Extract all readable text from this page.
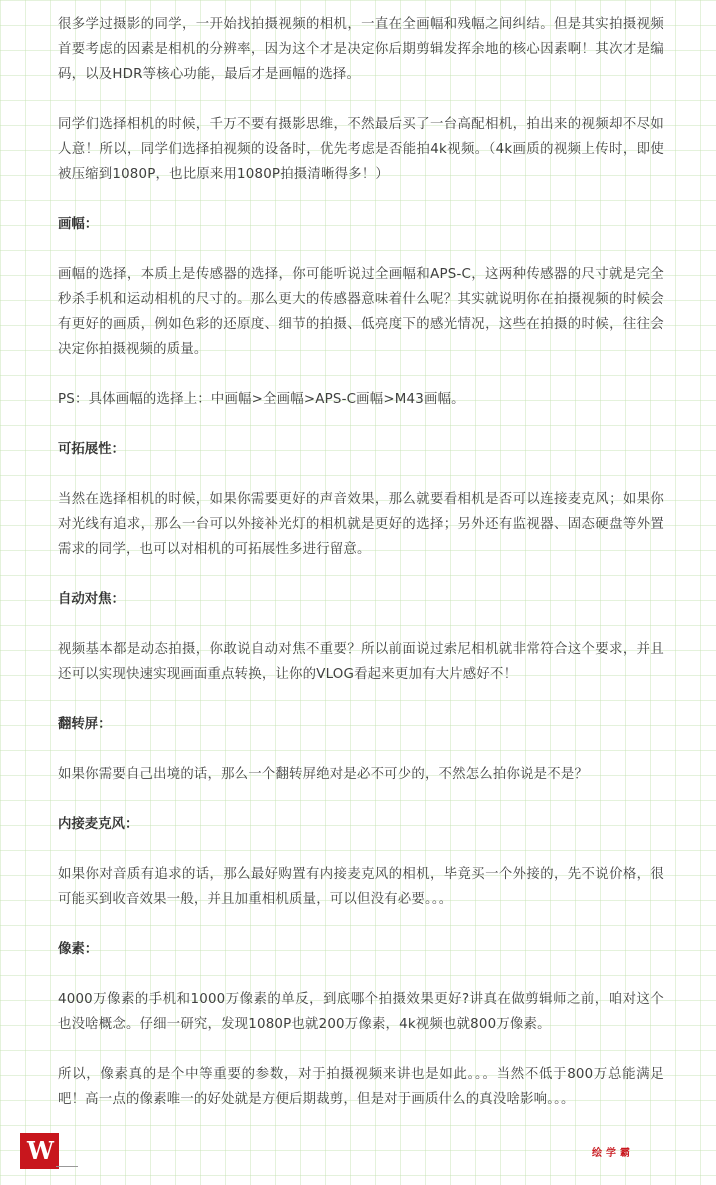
很多学过摄影的同学，一开始找拍摄视频的相机，一直在全画幅和残幅之间纠结。但是其实拍摄视频首要考虑的因素是相机的分辨率，因为这个才是决定你后期剪辑发挥余地的核心因素啊！其次才是编码，以及HDR等核心功能，最后才是画幅的选择。

同学们选择相机的时候，千万不要有摄影思维，不然最后买了一台高配相机，拍出来的视频却不尽如人意！所以，同学们选择拍视频的设备时，优先考虑是否能拍4k视频。（4k画质的视频上传时，即使被压缩到1080P，也比原来用1080P拍摄清晰得多！）

画幅：

画幅的选择，本质上是传感器的选择，你可能听说过全画幅和APS-C，这两种传感器的尺寸就是完全秒杀手机和运动相机的尺寸的。那么更大的传感器意味着什么呢？其实就说明你在拍摄视频的时候会有更好的画质，例如色彩的还原度、细节的拍摄、低亮度下的感光情况，这些在拍摄的时候，往往会决定你拍摄视频的质量。

PS：具体画幅的选择上：中画幅>全画幅>APS-C画幅>M43画幅。

可拓展性：

当然在选择相机的时候，如果你需要更好的声音效果，那么就要看相机是否可以连接麦克风；如果你对光线有追求，那么一台可以外接补光灯的相机就是更好的选择；另外还有监视器、固态硬盘等外置需求的同学，也可以对相机的可拓展性多进行留意。

自动对焦：

视频基本都是动态拍摄，你敢说自动对焦不重要？所以前面说过索尼相机就非常符合这个要求，并且还可以实现快速实现画面重点转换，让你的VLOG看起来更加有大片感好不！

翻转屏：

如果你需要自己出境的话，那么一个翻转屏绝对是必不可少的，不然怎么拍你说是不是？

内接麦克风：

如果你对音质有追求的话，那么最好购置有内接麦克风的相机，毕竟买一个外接的，先不说价格，很可能买到收音效果一般，并且加重相机质量，可以但没有必要。。。

像素：

4000万像素的手机和1000万像素的单反，到底哪个拍摄效果更好?讲真在做剪辑师之前，咱对这个也没啥概念。仔细一研究，发现1080P也就200万像素，4k视频也就800万像素。

所以，像素真的是个中等重要的参数，对于拍摄视频来讲也是如此。。。当然不低于800万总能满足吧！高一点的像素唯一的好处就是方便后期裁剪，但是对于画质什么的真没啥影响。。。

W	绘学霸
